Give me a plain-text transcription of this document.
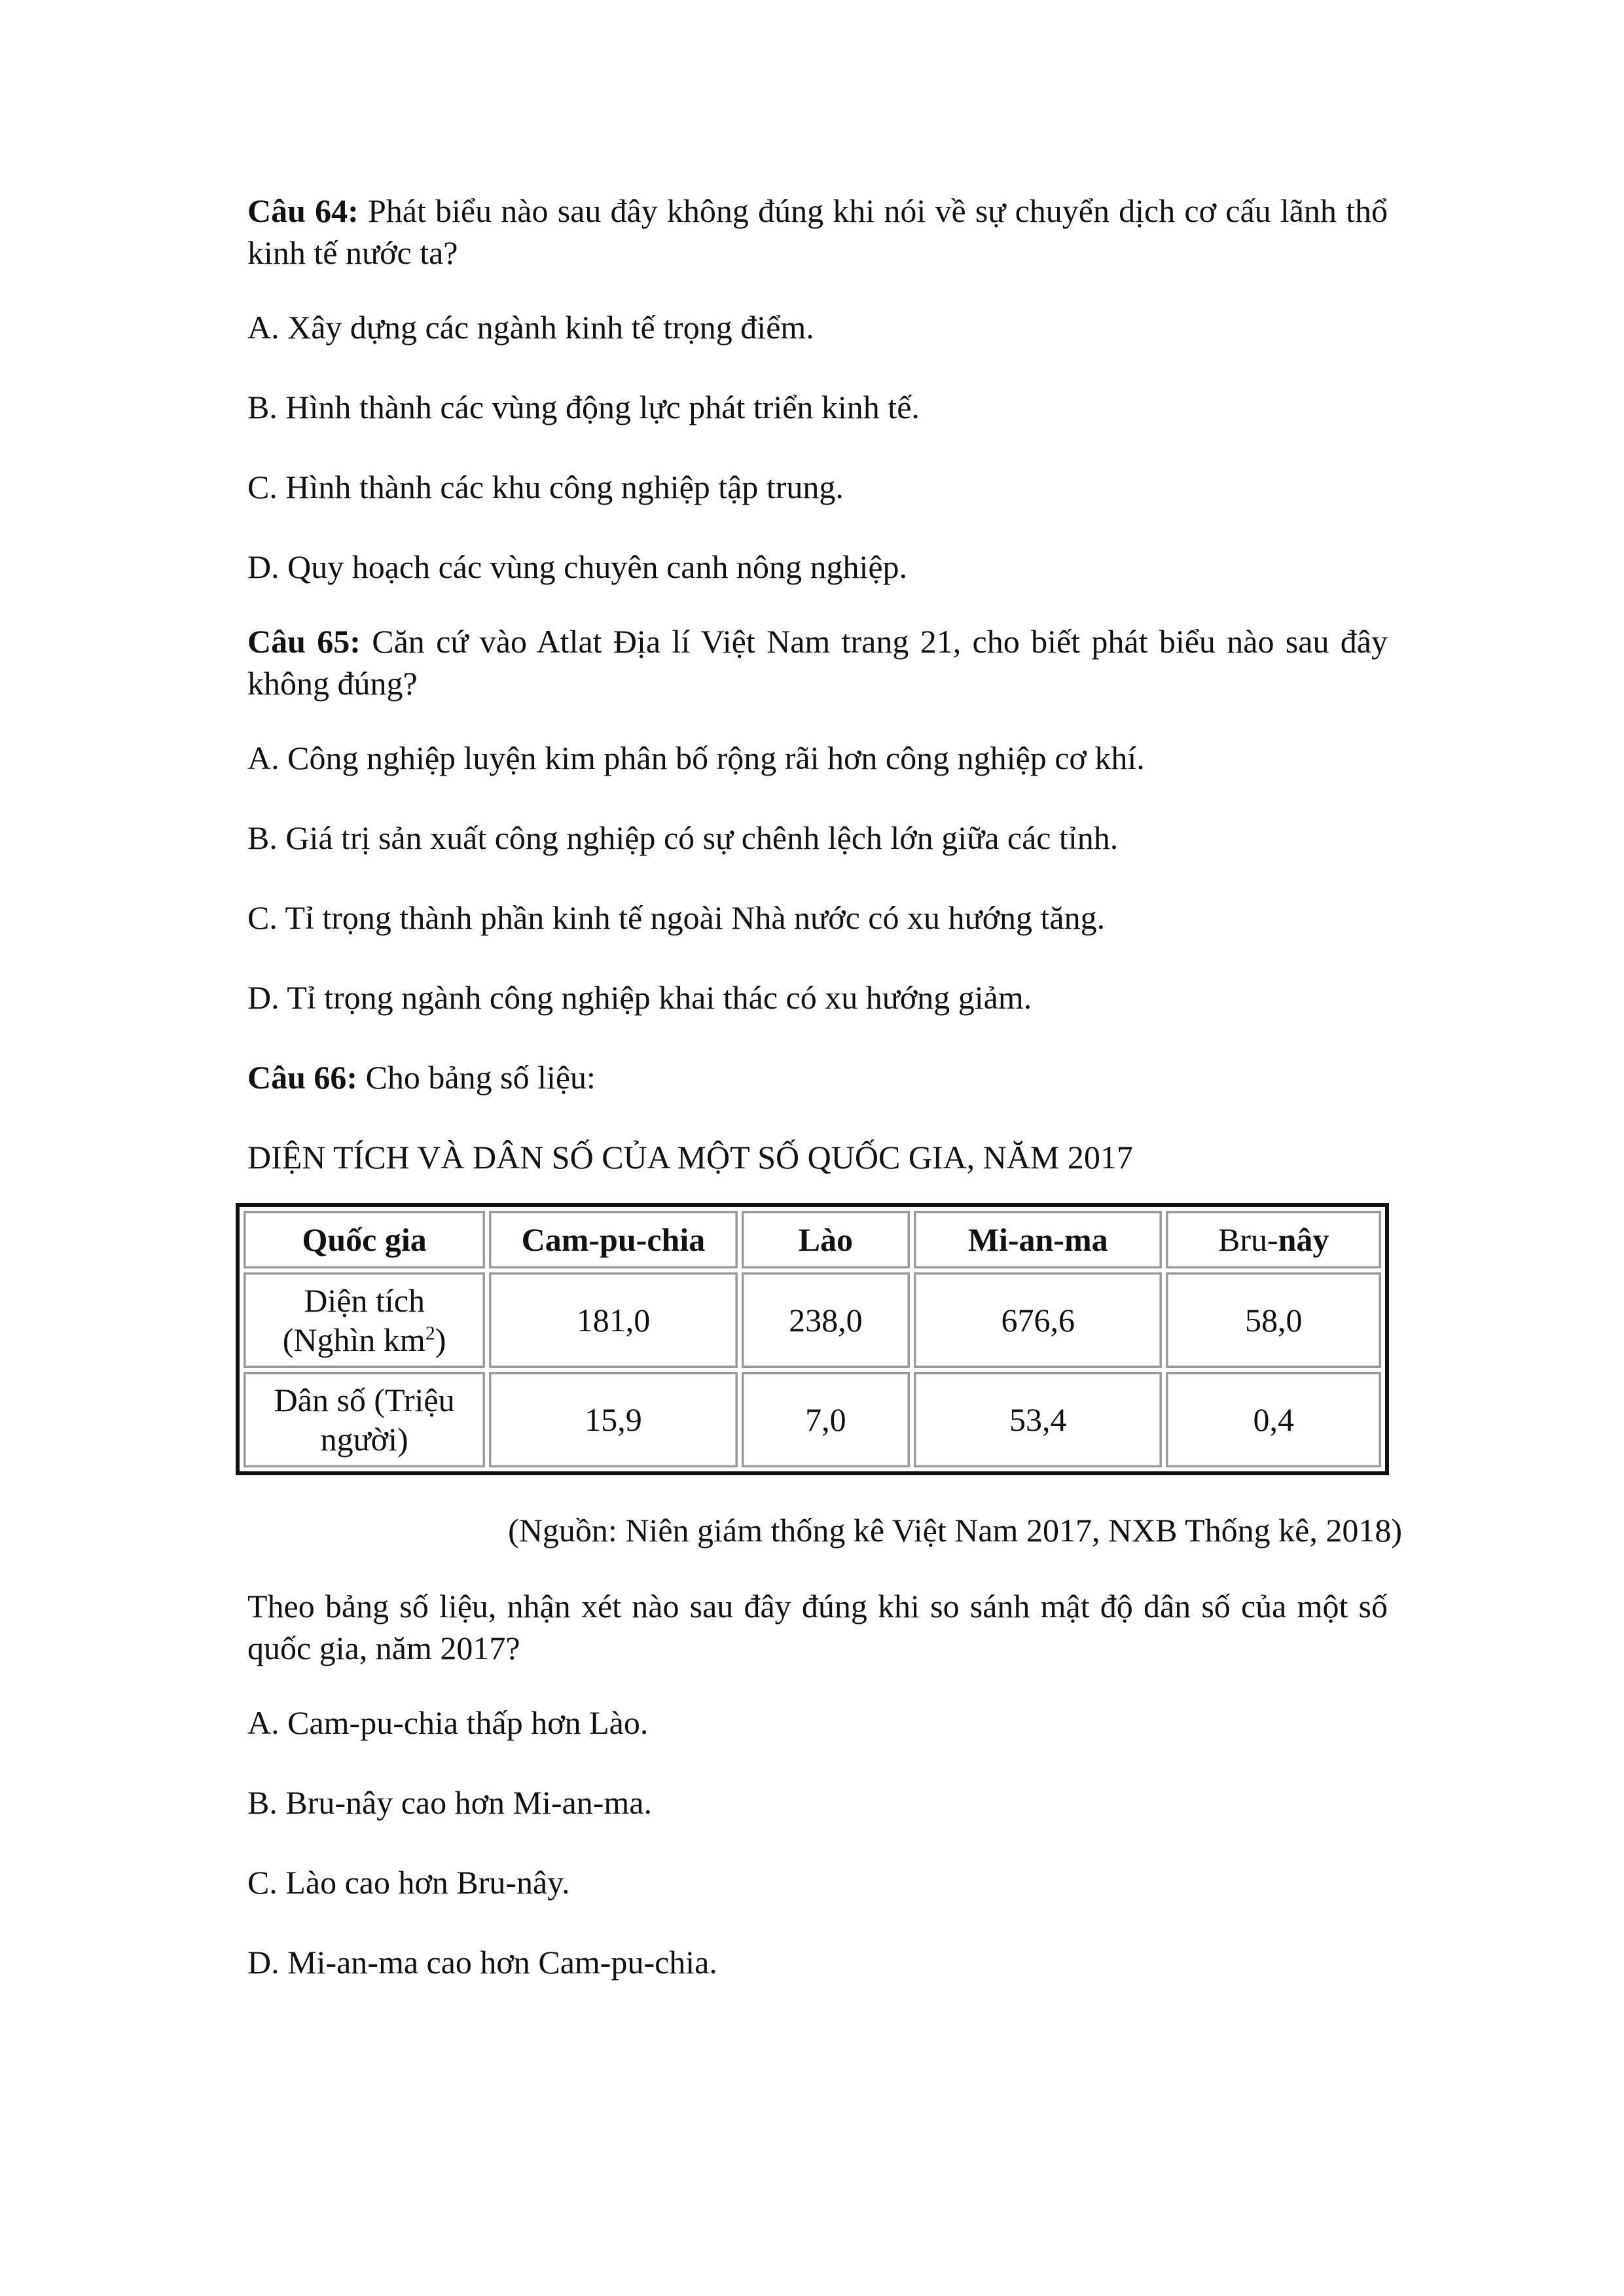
Câu 64: Phát biểu nào sau đây không đúng khi nói về sự chuyển dịch cơ cấu lãnh thổ kinh tế nước ta?

A. Xây dựng các ngành kinh tế trọng điểm.

B. Hình thành các vùng động lực phát triển kinh tế.

C. Hình thành các khu công nghiệp tập trung.

D. Quy hoạch các vùng chuyên canh nông nghiệp.

Câu 65: Căn cứ vào Atlat Địa lí Việt Nam trang 21, cho biết phát biểu nào sau đây không đúng?

A. Công nghiệp luyện kim phân bố rộng rãi hơn công nghiệp cơ khí.

B. Giá trị sản xuất công nghiệp có sự chênh lệch lớn giữa các tỉnh.

C. Tỉ trọng thành phần kinh tế ngoài Nhà nước có xu hướng tăng.

D. Tỉ trọng ngành công nghiệp khai thác có xu hướng giảm.

Câu 66: Cho bảng số liệu:

DIỆN TÍCH VÀ DÂN SỐ CỦA MỘT SỐ QUỐC GIA, NĂM 2017

Quốc gia	Cam-pu-chia	Lào	Mi-an-ma	Bru-nây
Diện tích
(Nghìn $km^2$)	181,0	238,0	676,6	58,0
Dân số (Triệu
người)	15,9	7,0	53,4	0,4

(Nguồn: Niên giám thống kê Việt Nam 2017, NXB Thống kê, 2018)

Theo bảng số liệu, nhận xét nào sau đây đúng khi so sánh mật độ dân số của một số quốc gia, năm 2017?

A. Cam-pu-chia thấp hơn Lào.

B. Bru-nây cao hơn Mi-an-ma.

C. Lào cao hơn Bru-nây.

D. Mi-an-ma cao hơn Cam-pu-chia.
